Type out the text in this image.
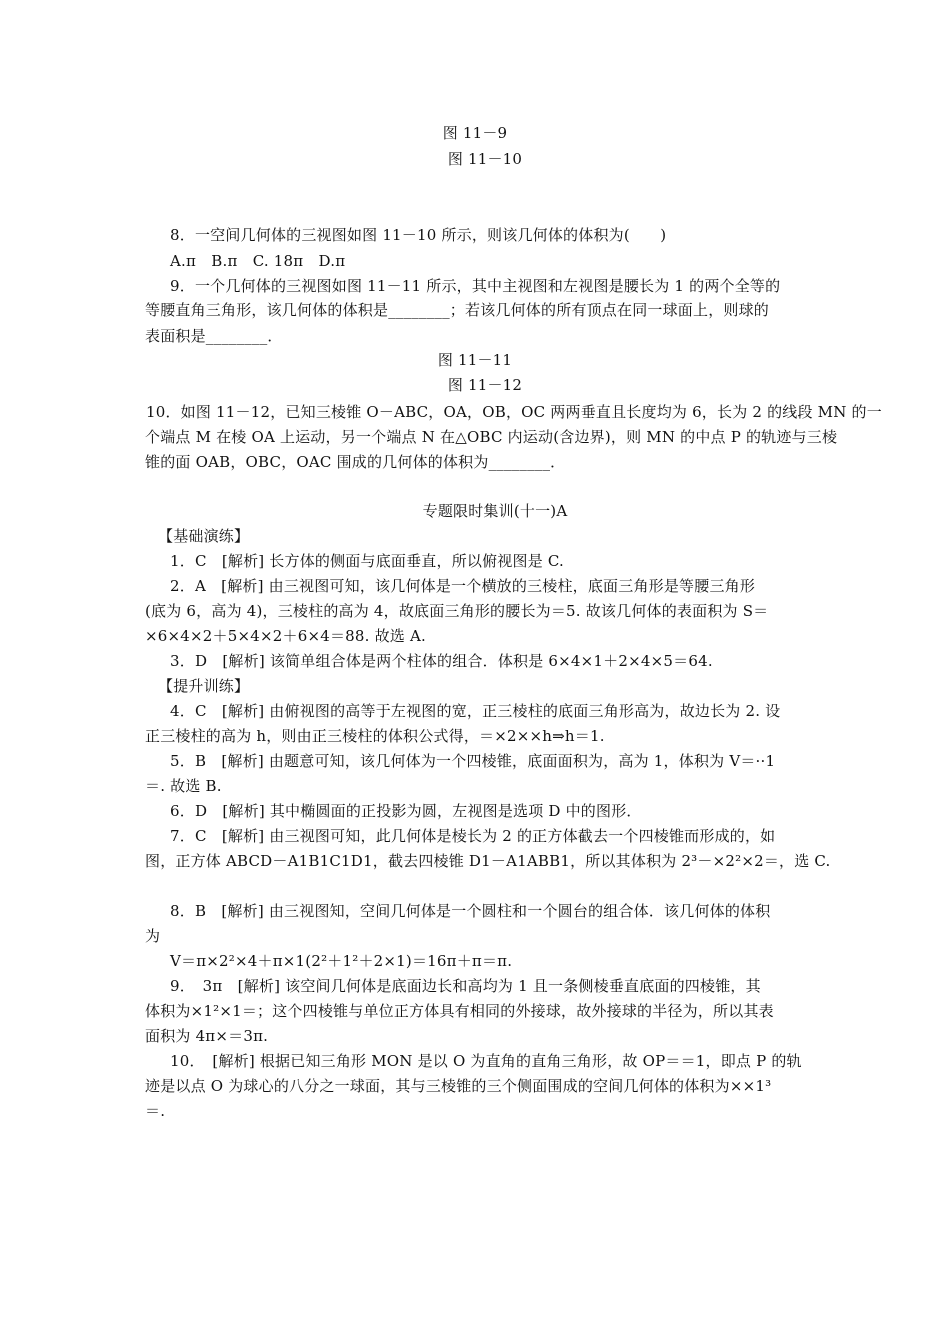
图 11－9
图 11－10
8．一空间几何体的三视图如图 11－10 所示，则该几何体的体积为(　　)
A.π　B.π　C. 18π　D.π
9．一个几何体的三视图如图 11－11 所示，其中主视图和左视图是腰长为 1 的两个全等的
等腰直角三角形，该几何体的体积是________；若该几何体的所有顶点在同一球面上，则球的
表面积是________．
图 11－11
图 11－12
10．如图 11－12，已知三棱锥 O－ABC，OA，OB，OC 两两垂直且长度均为 6，长为 2 的线段 MN 的一
个端点 M 在棱 OA 上运动，另一个端点 N 在△OBC 内运动(含边界)，则 MN 的中点 P 的轨迹与三棱
锥的面 OAB，OBC，OAC 围成的几何体的体积为________．
专题限时集训(十一)A
【基础演练】
1．C　[解析] 长方体的侧面与底面垂直，所以俯视图是 C.
2．A　[解析] 由三视图可知，该几何体是一个横放的三棱柱，底面三角形是等腰三角形
(底为 6，高为 4)，三棱柱的高为 4，故底面三角形的腰长为＝5. 故该几何体的表面积为 S＝
×6×4×2＋5×4×2＋6×4＝88. 故选 A.
3．D　[解析] 该简单组合体是两个柱体的组合．体积是 6×4×1＋2×4×5＝64.
【提升训练】
4．C　[解析] 由俯视图的高等于左视图的宽，正三棱柱的底面三角形高为，故边长为 2. 设
正三棱柱的高为 h，则由正三棱柱的体积公式得，＝×2××h⇒h＝1.
5．B　[解析] 由题意可知，该几何体为一个四棱锥，底面面积为，高为 1，体积为 V＝··1
＝. 故选 B.
6．D　[解析] 其中椭圆面的正投影为圆，左视图是选项 D 中的图形．
7．C　[解析] 由三视图可知，此几何体是棱长为 2 的正方体截去一个四棱锥而形成的，如
图，正方体 ABCD－A1B1C1D1，截去四棱锥 D1－A1ABB1，所以其体积为 2³－×2²×2＝，选 C.
8．B　[解析] 由三视图知，空间几何体是一个圆柱和一个圆台的组合体．该几何体的体积
为
V＝π×2²×4＋π×1(2²＋1²＋2×1)＝16π＋π＝π.
9．　3π　[解析] 该空间几何体是底面边长和高均为 1 且一条侧棱垂直底面的四棱锥，其
体积为×1²×1＝；这个四棱锥与单位正方体具有相同的外接球，故外接球的半径为，所以其表
面积为 4π×＝3π.
10．　[解析] 根据已知三角形 MON 是以 O 为直角的直角三角形，故 OP＝＝1，即点 P 的轨
迹是以点 O 为球心的八分之一球面，其与三棱锥的三个侧面围成的空间几何体的体积为××1³
＝.
